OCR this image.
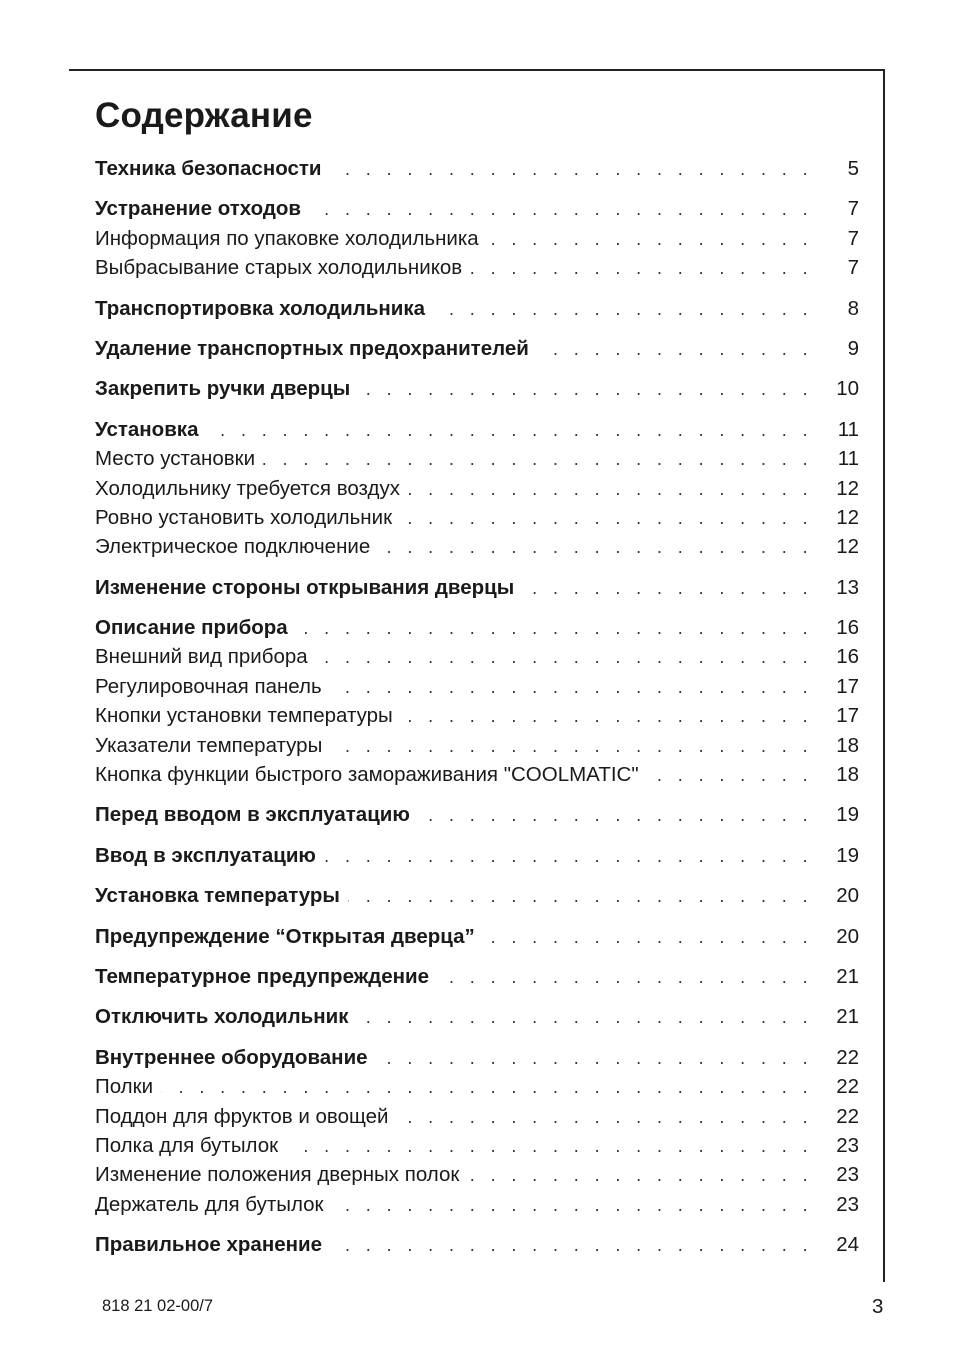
Содержание
Техника безопасности . . .	5
Устранение отходов . . .	7
Информация по упаковке холодильника . . .	7
Выбрасывание старых холодильников . . .	7
Транспортировка холодильника . . .	8
Удаление транспортных предохранителей . . .	9
Закрепить ручки дверцы . . .	10
Установка . . .	11
Место установки . . .	11
Холодильнику требуется воздух . . .	12
Ровно установить холодильник . . .	12
Электрическое подключение . . .	12
Изменение стороны открывания дверцы . . .	13
Описание прибора . . .	16
Внешний вид прибора . . .	16
Регулировочная панель . . .	17
Кнопки установки температуры . . .	17
Указатели температуры . . .	18
Кнопка функции быстрого замораживания "COOLMATIC" . . .	18
Перед вводом в эксплуатацию . . .	19
Ввод в эксплуатацию . . .	19
Установка температуры . . .	20
Предупреждение “Открытая дверца” . . .	20
Температурное предупреждение . . .	21
Отключить холодильник . . .	21
Внутреннее оборудование . . .	22
Полки . . .	22
Поддон для фруктов и овощей . . .	22
Полка для бутылок . . .	23
Изменение положения дверных полок . . .	23
Держатель для бутылок . . .	23
Правильное хранение . . .	24
818 21 02-00/7	3
